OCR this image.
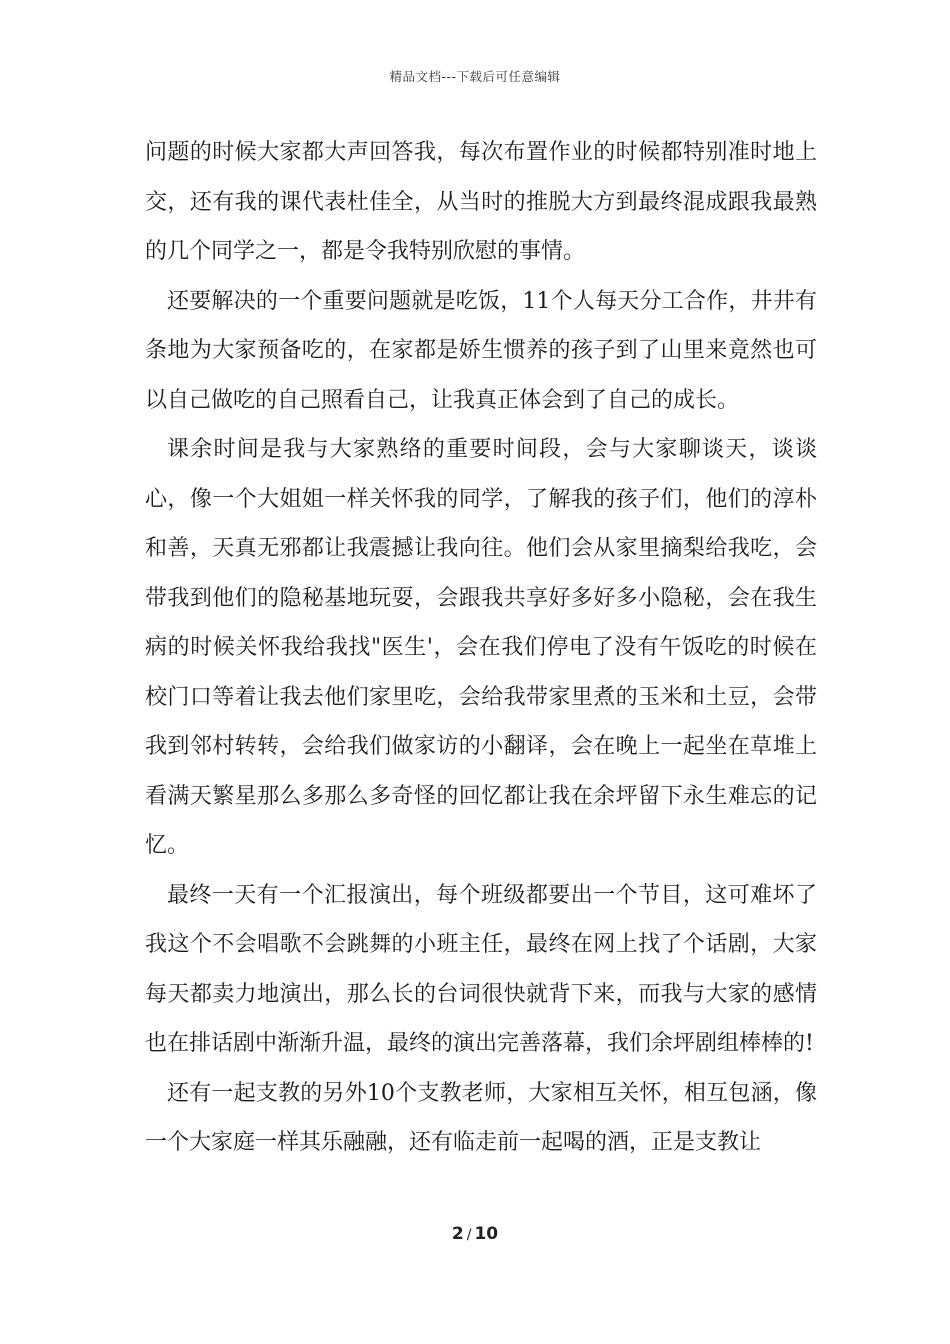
精品文档---下载后可任意编辑

问题的时候大家都大声回答我，每次布置作业的时候都特别准时地上交，还有我的课代表杜佳全，从当时的推脱大方到最终混成跟我最熟的几个同学之一，都是令我特别欣慰的事情。

还要解决的一个重要问题就是吃饭，11个人每天分工合作，井井有条地为大家预备吃的，在家都是娇生惯养的孩子到了山里来竟然也可以自己做吃的自己照看自己，让我真正体会到了自己的成长。

课余时间是我与大家熟络的重要时间段，会与大家聊谈天，谈谈心，像一个大姐姐一样关怀我的同学，了解我的孩子们，他们的淳朴和善，天真无邪都让我震撼让我向往。他们会从家里摘梨给我吃，会带我到他们的隐秘基地玩耍，会跟我共享好多好多小隐秘，会在我生病的时候关怀我给我找"医生'，会在我们停电了没有午饭吃的时候在校门口等着让我去他们家里吃，会给我带家里煮的玉米和土豆，会带我到邻村转转，会给我们做家访的小翻译，会在晚上一起坐在草堆上看满天繁星那么多那么多奇怪的回忆都让我在余坪留下永生难忘的记忆。

最终一天有一个汇报演出，每个班级都要出一个节目，这可难坏了我这个不会唱歌不会跳舞的小班主任，最终在网上找了个话剧，大家每天都卖力地演出，那么长的台词很快就背下来，而我与大家的感情也在排话剧中渐渐升温，最终的演出完善落幕，我们余坪剧组棒棒的!

还有一起支教的另外10个支教老师，大家相互关怀，相互包涵，像一个大家庭一样其乐融融，还有临走前一起喝的酒，正是支教让

2 / 10
